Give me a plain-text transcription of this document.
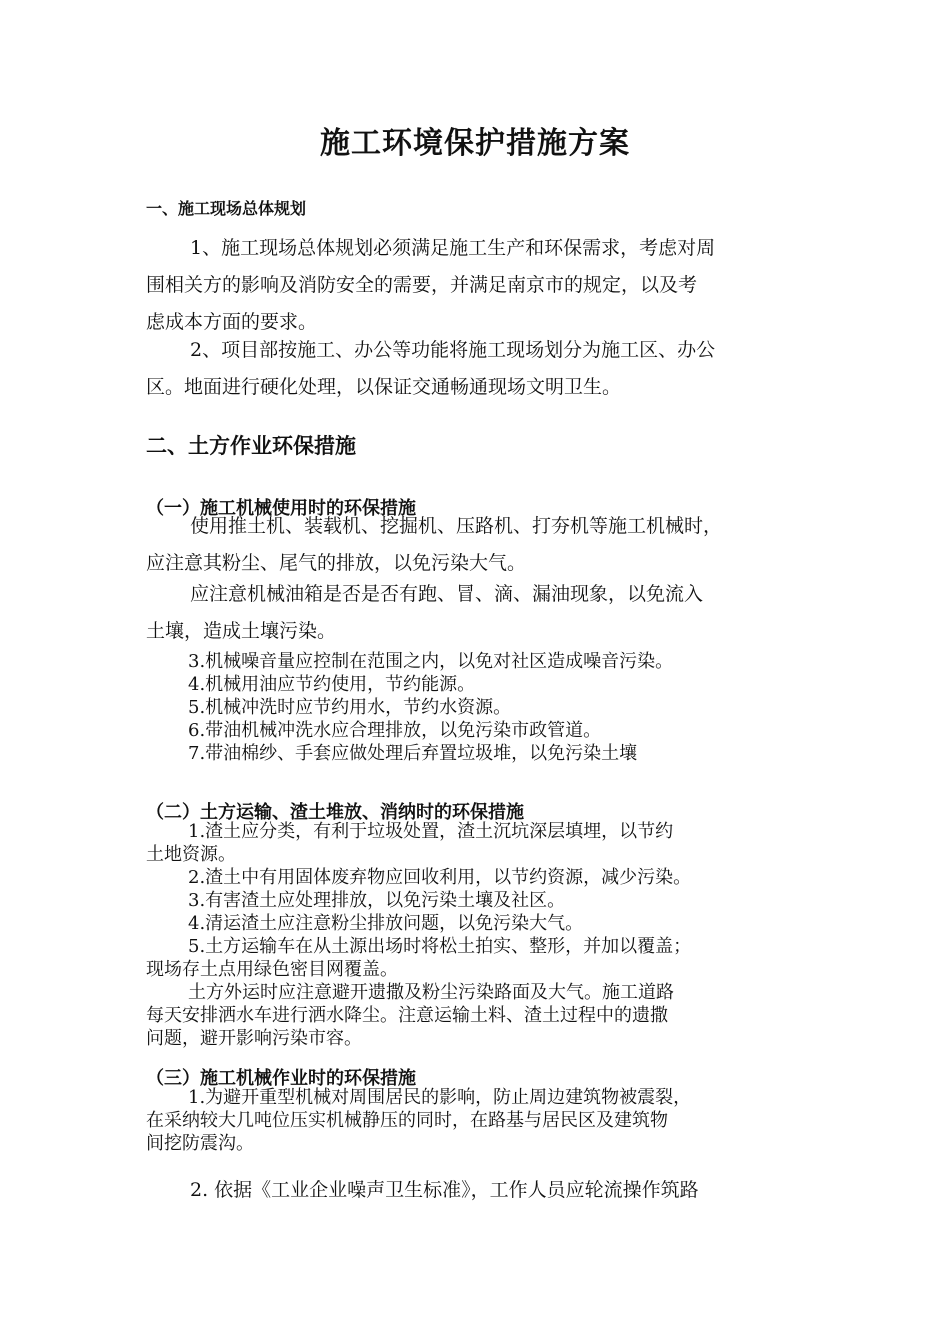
施工环境保护措施方案
一、施工现场总体规划

1、施工现场总体规划必须满足施工生产和环保需求，考虑对周
围相关方的影响及消防安全的需要，并满足南京市的规定，以及考
虑成本方面的要求。

2、项目部按施工、办公等功能将施工现场划分为施工区、办公
区。地面进行硬化处理，以保证交通畅通现场文明卫生。

二、土方作业环保措施
（一）施工机械使用时的环保措施

使用推土机、装载机、挖掘机、压路机、打夯机等施工机械时，
应注意其粉尘、尾气的排放，以免污染大气。

应注意机械油箱是否是否有跑、冒、滴、漏油现象，以免流入
土壤，造成土壤污染。

3.机械噪音量应控制在范围之内，以免对社区造成噪音污染。
4.机械用油应节约使用，节约能源。
5.机械冲洗时应节约用水，节约水资源。
6.带油机械冲洗水应合理排放，以免污染市政管道。
7.带油棉纱、手套应做处理后弃置垃圾堆，以免污染土壤
（二）土方运输、渣土堆放、消纳时的环保措施
1.渣土应分类，有利于垃圾处置，渣土沉坑深层填埋，以节约
土地资源。
2.渣土中有用固体废弃物应回收利用，以节约资源，减少污染。
3.有害渣土应处理排放，以免污染土壤及社区。
4.清运渣土应注意粉尘排放问题，以免污染大气。
5.土方运输车在从土源出场时将松土拍实、整形，并加以覆盖；
现场存土点用绿色密目网覆盖。
土方外运时应注意避开遗撒及粉尘污染路面及大气。施工道路
每天安排洒水车进行洒水降尘。注意运输土料、渣土过程中的遗撒
问题，避开影响污染市容。
（三）施工机械作业时的环保措施
1.为避开重型机械对周围居民的影响，防止周边建筑物被震裂，
在采纳较大几吨位压实机械静压的同时，在路基与居民区及建筑物
间挖防震沟。

2. 依据《工业企业噪声卫生标准》，工作人员应轮流操作筑路
